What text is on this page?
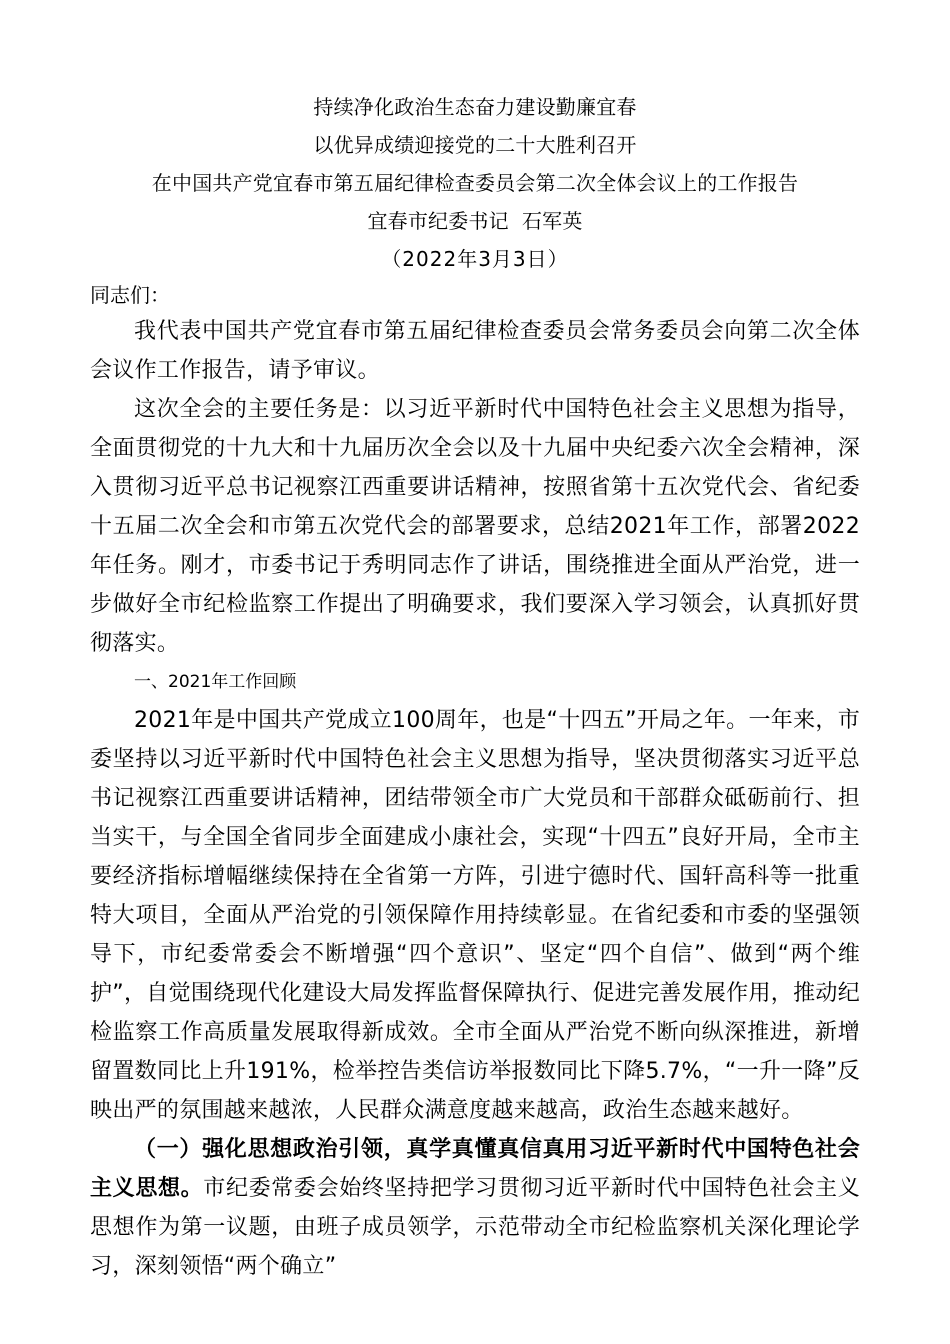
持续净化政治生态奋力建设勤廉宜春
以优异成绩迎接党的二十大胜利召开
在中国共产党宜春市第五届纪律检查委员会第二次全体会议上的工作报告
宜春市纪委书记  石军英
（2022年3月3日）
同志们：

我代表中国共产党宜春市第五届纪律检查委员会常务委员会向第二次全体会议作工作报告，请予审议。

这次全会的主要任务是：以习近平新时代中国特色社会主义思想为指导，全面贯彻党的十九大和十九届历次全会以及十九届中央纪委六次全会精神，深入贯彻习近平总书记视察江西重要讲话精神，按照省第十五次党代会、省纪委十五届二次全会和市第五次党代会的部署要求，总结2021年工作，部署2022年任务。刚才，市委书记于秀明同志作了讲话，围绕推进全面从严治党，进一步做好全市纪检监察工作提出了明确要求，我们要深入学习领会，认真抓好贯彻落实。

一、2021年工作回顾

2021年是中国共产党成立100周年，也是“十四五”开局之年。一年来，市委坚持以习近平新时代中国特色社会主义思想为指导，坚决贯彻落实习近平总书记视察江西重要讲话精神，团结带领全市广大党员和干部群众砥砺前行、担当实干，与全国全省同步全面建成小康社会，实现“十四五”良好开局，全市主要经济指标增幅继续保持在全省第一方阵，引进宁德时代、国轩高科等一批重特大项目，全面从严治党的引领保障作用持续彰显。在省纪委和市委的坚强领导下，市纪委常委会不断增强“四个意识”、坚定“四个自信”、做到“两个维护”，自觉围绕现代化建设大局发挥监督保障执行、促进完善发展作用，推动纪检监察工作高质量发展取得新成效。全市全面从严治党不断向纵深推进，新增留置数同比上升191%，检举控告类信访举报数同比下降5.7%，“一升一降”反映出严的氛围越来越浓，人民群众满意度越来越高，政治生态越来越好。

（一）强化思想政治引领，真学真懂真信真用习近平新时代中国特色社会主义思想。市纪委常委会始终坚持把学习贯彻习近平新时代中国特色社会主义思想作为第一议题，由班子成员领学，示范带动全市纪检监察机关深化理论学习，深刻领悟“两个确立”
